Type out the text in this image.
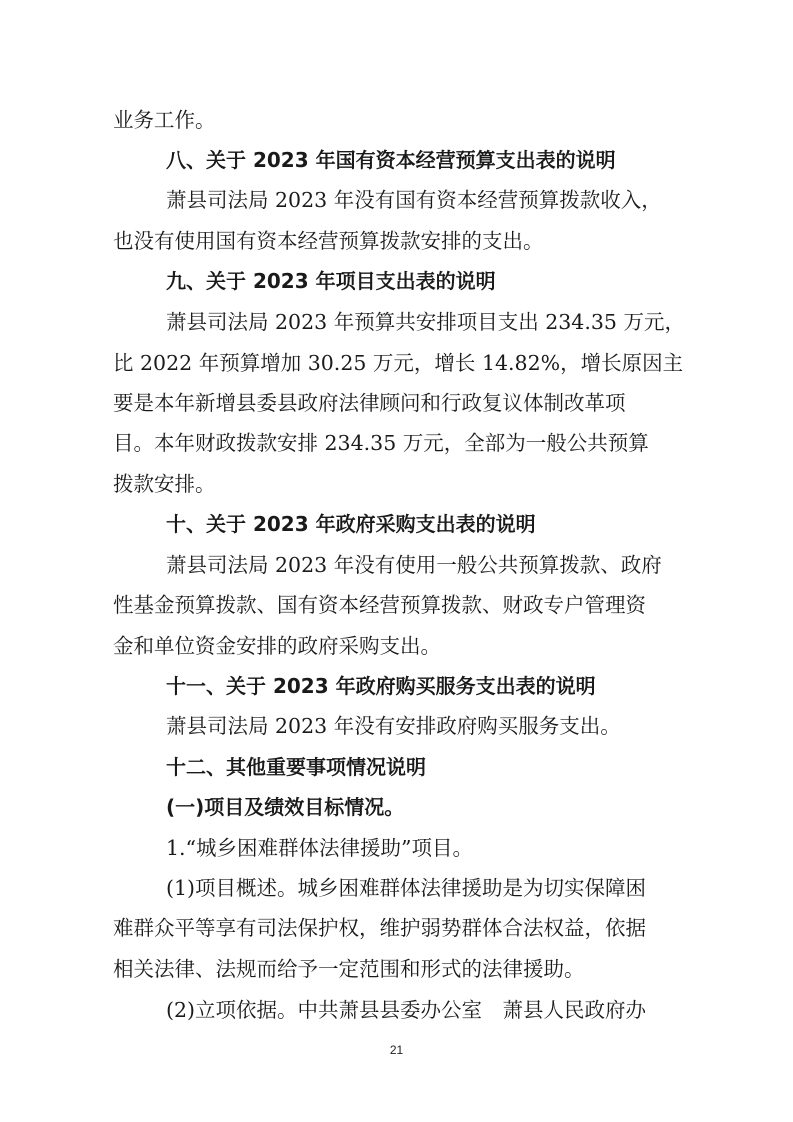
业务工作。
八、关于 2023 年国有资本经营预算支出表的说明
萧县司法局 2023 年没有国有资本经营预算拨款收入，
也没有使用国有资本经营预算拨款安排的支出。
九、关于 2023 年项目支出表的说明
萧县司法局 2023 年预算共安排项目支出 234.35 万元，
比 2022 年预算增加 30.25 万元，增长 14.82%，增长原因主
要是本年新增县委县政府法律顾问和行政复议体制改革项
目。本年财政拨款安排 234.35 万元，全部为一般公共预算
拨款安排。
十、关于 2023 年政府采购支出表的说明
萧县司法局 2023 年没有使用一般公共预算拨款、政府
性基金预算拨款、国有资本经营预算拨款、财政专户管理资
金和单位资金安排的政府采购支出。
十一、关于 2023 年政府购买服务支出表的说明
萧县司法局 2023 年没有安排政府购买服务支出。
十二、其他重要事项情况说明
(一)项目及绩效目标情况。
1.“城乡困难群体法律援助”项目。
(1)项目概述。城乡困难群体法律援助是为切实保障困
难群众平等享有司法保护权，维护弱势群体合法权益，依据
相关法律、法规而给予一定范围和形式的法律援助。
(2)立项依据。中共萧县县委办公室　萧县人民政府办
21
